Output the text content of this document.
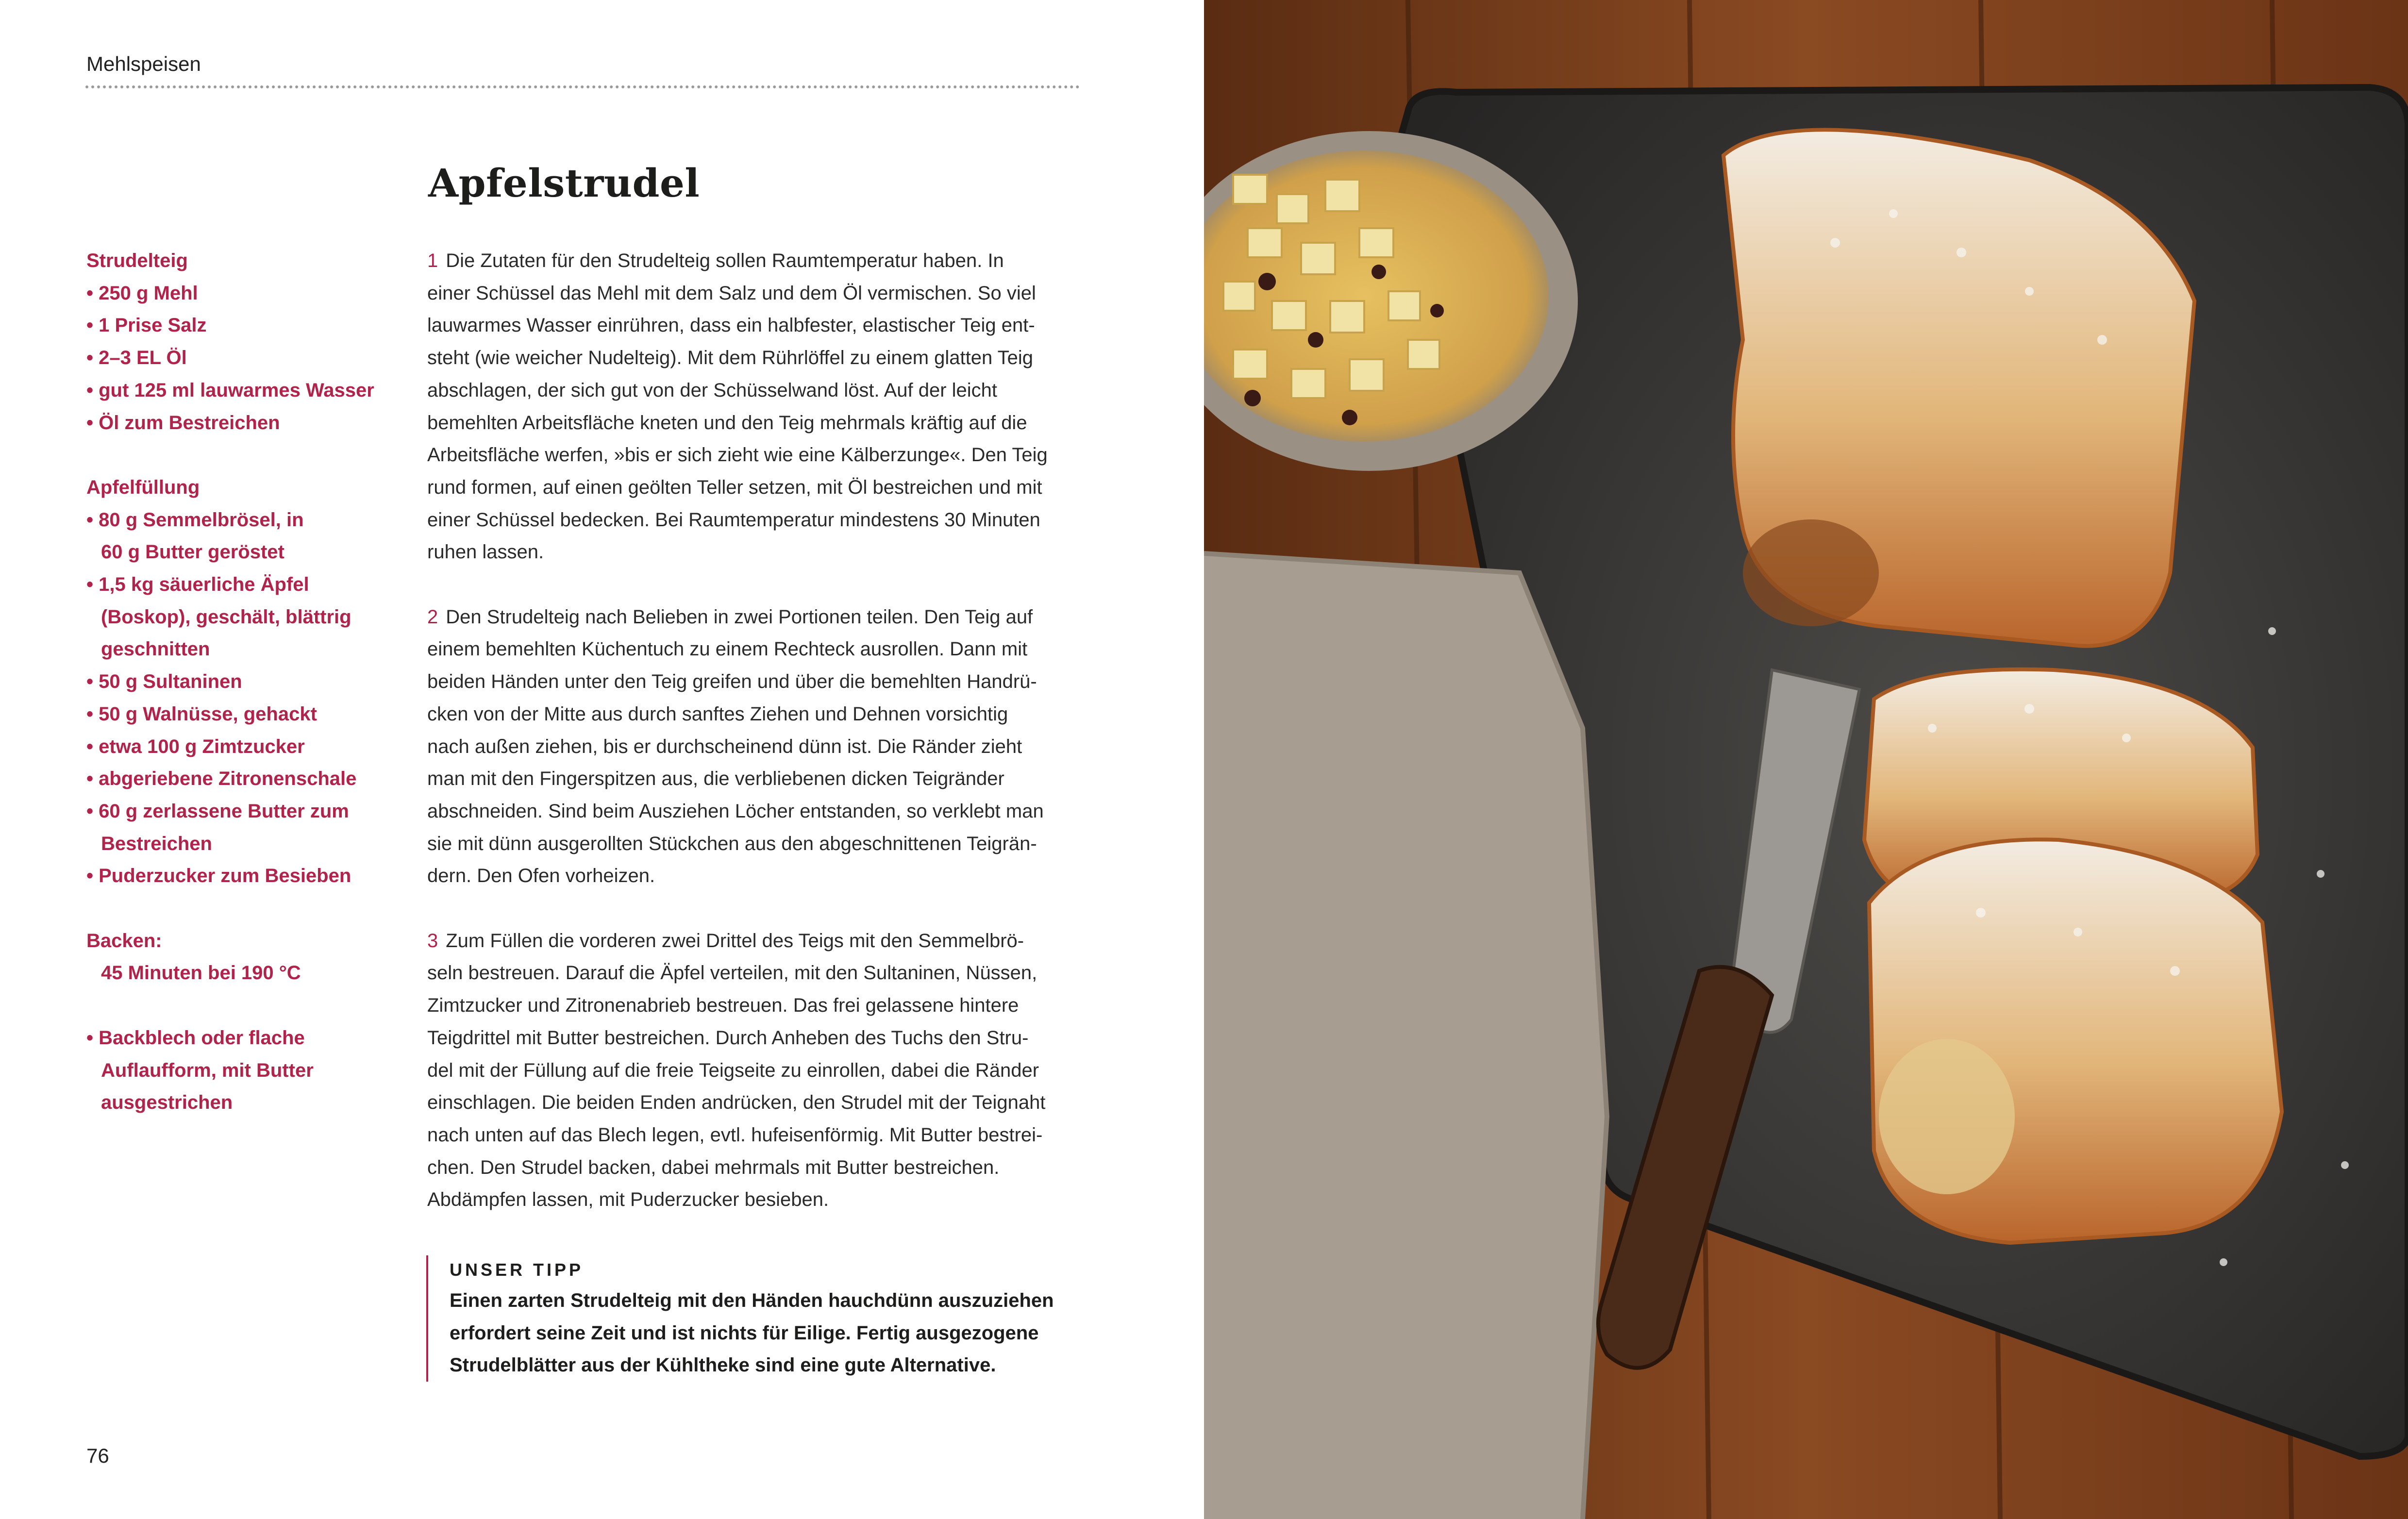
Mehlspeisen
Apfelstrudel
Strudelteig
• 250 g Mehl
• 1 Prise Salz
• 2–3 EL Öl
• gut 125 ml lauwarmes Wasser
• Öl zum Bestreichen
Apfelfüllung
• 80 g Semmelbrösel, in
60 g Butter geröstet
• 1,5 kg säuerliche Äpfel
(Boskop), geschält, blättrig
geschnitten
• 50 g Sultaninen
• 50 g Walnüsse, gehackt
• etwa 100 g Zimtzucker
• abgeriebene Zitronenschale
• 60 g zerlassene Butter zum
Bestreichen
• Puderzucker zum Besieben
Backen:
45 Minuten bei 190 °C
• Backblech oder flache
Auflaufform, mit Butter
ausgestrichen
1 Die Zutaten für den Strudelteig sollen Raumtemperatur haben. In
einer Schüssel das Mehl mit dem Salz und dem Öl vermischen. So viel
lauwarmes Wasser einrühren, dass ein halbfester, elastischer Teig ent-
steht (wie weicher Nudelteig). Mit dem Rührlöffel zu einem glatten Teig
abschlagen, der sich gut von der Schüsselwand löst. Auf der leicht
bemehlten Arbeitsfläche kneten und den Teig mehrmals kräftig auf die
Arbeitsfläche werfen, »bis er sich zieht wie eine Kälberzunge«. Den Teig
rund formen, auf einen geölten Teller setzen, mit Öl bestreichen und mit
einer Schüssel bedecken. Bei Raumtemperatur mindestens 30 Minuten
ruhen lassen.
2 Den Strudelteig nach Belieben in zwei Portionen teilen. Den Teig auf
einem bemehlten Küchentuch zu einem Rechteck ausrollen. Dann mit
beiden Händen unter den Teig greifen und über die bemehlten Handrü-
cken von der Mitte aus durch sanftes Ziehen und Dehnen vorsichtig
nach außen ziehen, bis er durchscheinend dünn ist. Die Ränder zieht
man mit den Fingerspitzen aus, die verbliebenen dicken Teigränder
abschneiden. Sind beim Ausziehen Löcher entstanden, so verklebt man
sie mit dünn ausgerollten Stückchen aus den abgeschnittenen Teigrän-
dern. Den Ofen vorheizen.
3 Zum Füllen die vorderen zwei Drittel des Teigs mit den Semmelbrö-
seln bestreuen. Darauf die Äpfel verteilen, mit den Sultaninen, Nüssen,
Zimtzucker und Zitronenabrieb bestreuen. Das frei gelassene hintere
Teigdrittel mit Butter bestreichen. Durch Anheben des Tuchs den Stru-
del mit der Füllung auf die freie Teigseite zu einrollen, dabei die Ränder
einschlagen. Die beiden Enden andrücken, den Strudel mit der Teignaht
nach unten auf das Blech legen, evtl. hufeisenförmig. Mit Butter bestrei-
chen. Den Strudel backen, dabei mehrmals mit Butter bestreichen.
Abdämpfen lassen, mit Puderzucker besieben.
UNSER TIPP
Einen zarten Strudelteig mit den Händen hauchdünn auszuziehen
erfordert seine Zeit und ist nichts für Eilige. Fertig ausgezogene
Strudelblätter aus der Kühltheke sind eine gute Alternative.
76
